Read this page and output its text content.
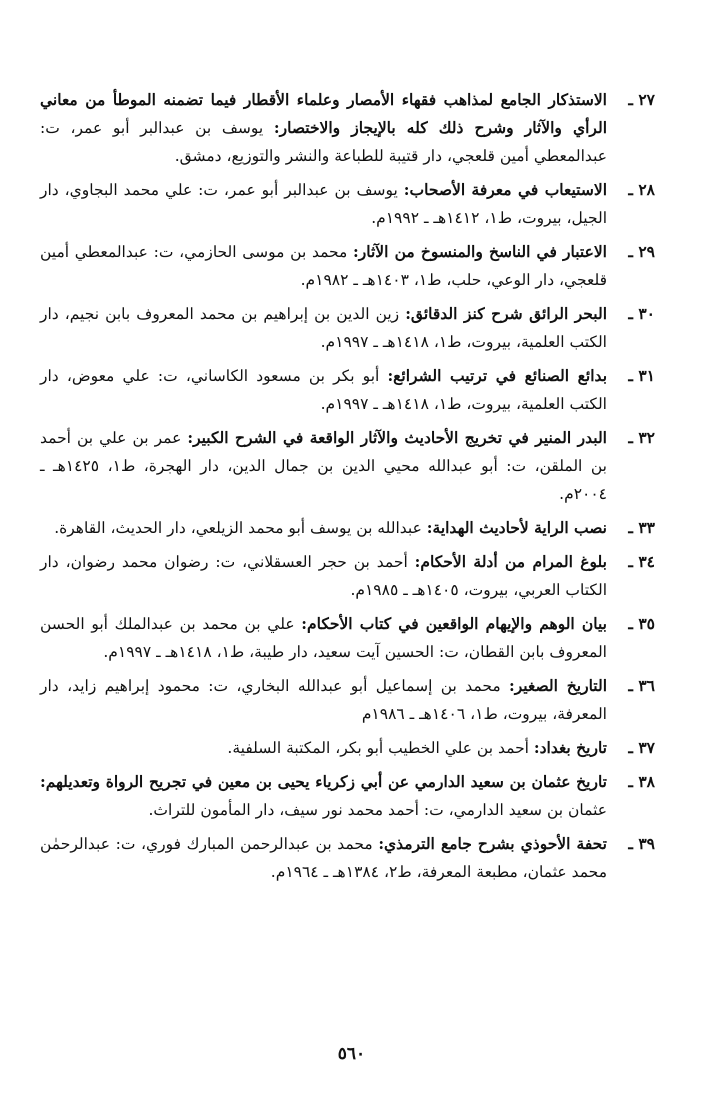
٢٧ ـ
الاستذكار الجامع لمذاهب فقهاء الأمصار وعلماء الأقطار فيما تضمنه الموطأ من معاني الرأي والآثار وشرح ذلك كله بالإيجاز والاختصار: يوسف بن عبدالبر أبو عمر، ت: عبدالمعطي أمين قلعجي، دار قتيبة للطباعة والنشر والتوزيع، دمشق.
٢٨ ـ
الاستيعاب في معرفة الأصحاب: يوسف بن عبدالبر أبو عمر، ت: علي محمد البجاوي، دار الجيل، بيروت، ط١، ١٤١٢هـ ـ ١٩٩٢م.
٢٩ ـ
الاعتبار في الناسخ والمنسوخ من الآثار: محمد بن موسى الحازمي، ت: عبدالمعطي أمين قلعجي، دار الوعي، حلب، ط١، ١٤٠٣هـ ـ ١٩٨٢م.
٣٠ ـ
البحر الرائق شرح كنز الدقائق: زين الدين بن إبراهيم بن محمد المعروف بابن نجيم، دار الكتب العلمية، بيروت، ط١، ١٤١٨هـ ـ ١٩٩٧م.
٣١ ـ
بدائع الصنائع في ترتيب الشرائع: أبو بكر بن مسعود الكاساني، ت: علي معوض، دار الكتب العلمية، بيروت، ط١، ١٤١٨هـ ـ ١٩٩٧م.
٣٢ ـ
البدر المنير في تخريج الأحاديث والآثار الواقعة في الشرح الكبير: عمر بن علي بن أحمد بن الملقن، ت: أبو عبدالله محيي الدين بن جمال الدين، دار الهجرة، ط١، ١٤٢٥هـ ـ ٢٠٠٤م.
٣٣ ـ
نصب الراية لأحاديث الهداية: عبدالله بن يوسف أبو محمد الزيلعي، دار الحديث، القاهرة.
٣٤ ـ
بلوغ المرام من أدلة الأحكام: أحمد بن حجر العسقلاني، ت: رضوان محمد رضوان، دار الكتاب العربي، بيروت، ١٤٠٥هـ ـ ١٩٨٥م.
٣٥ ـ
بيان الوهم والإيهام الواقعين في كتاب الأحكام: علي بن محمد بن عبدالملك أبو الحسن المعروف بابن القطان، ت: الحسين آيت سعيد، دار طيبة، ط١، ١٤١٨هـ ـ ١٩٩٧م.
٣٦ ـ
التاريخ الصغير: محمد بن إسماعيل أبو عبدالله البخاري، ت: محمود إبراهيم زايد، دار المعرفة، بيروت، ط١، ١٤٠٦هـ ـ ١٩٨٦م
٣٧ ـ
تاريخ بغداد: أحمد بن علي الخطيب أبو بكر، المكتبة السلفية.
٣٨ ـ
تاريخ عثمان بن سعيد الدارمي عن أبي زكرياء يحيى بن معين في تجريح الرواة وتعديلهم: عثمان بن سعيد الدارمي، ت: أحمد محمد نور سيف، دار المأمون للتراث.
٣٩ ـ
تحفة الأحوذي بشرح جامع الترمذي: محمد بن عبدالرحمن المبارك فوري، ت: عبدالرحمٰن محمد عثمان، مطبعة المعرفة، ط٢، ١٣٨٤هـ ـ ١٩٦٤م.
٥٦٠
